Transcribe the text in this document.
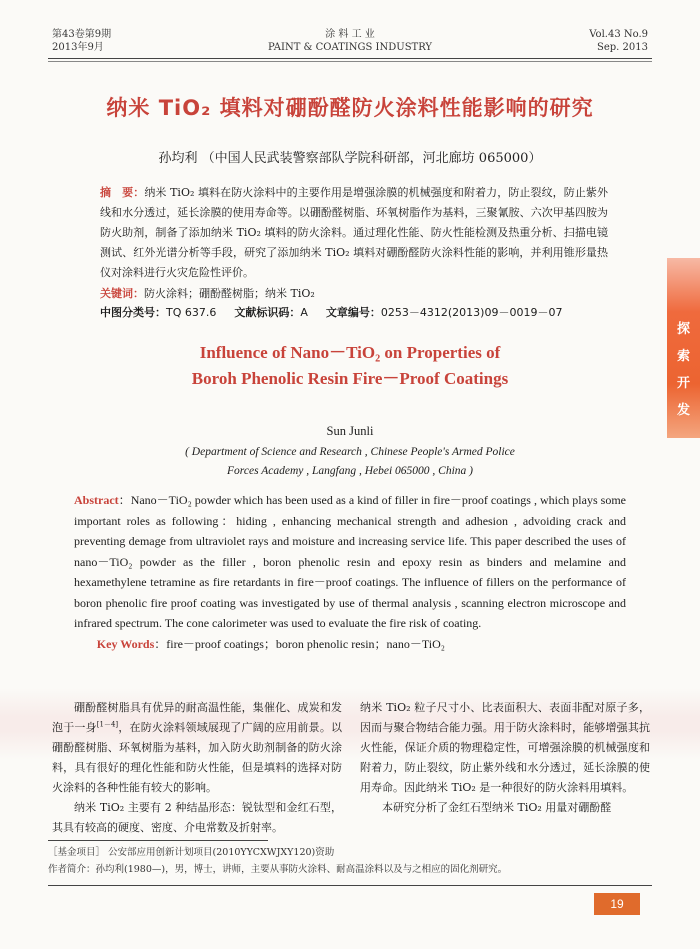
第43卷第9期
2013年9月
涂 料 工 业
PAINT & COATINGS INDUSTRY
Vol.43 No.9
Sep. 2013
纳米 TiO₂ 填料对硼酚醛防火涂料性能影响的研究
孙均利 （中国人民武装警察部队学院科研部，河北廊坊 065000）
摘　要：纳米 TiO₂ 填料在防火涂料中的主要作用是增强涂膜的机械强度和附着力，防止裂纹，防止紫外线和水分透过，延长涂膜的使用寿命等。以硼酚醛树脂、环氧树脂作为基料，三聚氰胺、六次甲基四胺为防火助剂，制备了添加纳米 TiO₂ 填料的防火涂料。通过理化性能、防火性能检测及热重分析、扫描电镜测试、红外光谱分析等手段，研究了添加纳米 TiO₂ 填料对硼酚醛防火涂料性能的影响，并利用锥形量热仪对涂料进行火灾危险性评价。
关键词：防火涂料；硼酚醛树脂；纳米 TiO₂
中图分类号：TQ 637.6 文献标识码：A 文章编号：0253－4312(2013)09－0019－07
Influence of Nano－TiO₂ on Properties of
Boroh Phenolic Resin Fire－Proof Coatings
Sun Junli
( Department of Science and Research , Chinese People's Armed Police
Forces Academy , Langfang , Hebei 065000 , China )
Abstract：Nano－TiO₂ powder which has been used as a kind of filler in fire－proof coatings , which plays some important roles as following：hiding , enhancing mechanical strength and adhesion , advoiding crack and preventing demage from ultraviolet rays and moisture and increasing service life. This paper described the uses of nano－TiO₂ powder as the filler , boron phenolic resin and epoxy resin as binders and melamine and hexamethylene tetramine as fire retardants in fire－proof coatings. The influence of fillers on the performance of boron phenolic fire proof coating was investigated by use of thermal analysis , scanning electron microscope and infrared spectrum. The cone calorimeter was used to evaluate the fire risk of coating.
Key Words：fire－proof coatings；boron phenolic resin；nano－TiO₂

硼酚醛树脂具有优异的耐高温性能，集催化、成炭和发泡于一身[1－4]，在防火涂料领域展现了广阔的应用前景。以硼酚醛树脂、环氧树脂为基料，加入防火助剂制备的防火涂料，具有很好的理化性能和防火性能，但是填料的选择对防火涂料的各种性能有较大的影响。

纳米 TiO₂ 主要有 2 种结晶形态：锐钛型和金红石型，其具有较高的硬度、密度、介电常数及折射率。

纳米 TiO₂ 粒子尺寸小、比表面积大、表面非配对原子多，因而与聚合物结合能力强。用于防火涂料时，能够增强其抗火性能，保证介质的物理稳定性，可增强涂膜的机械强度和附着力，防止裂纹，防止紫外线和水分透过，延长涂膜的使用寿命。因此纳米 TiO₂ 是一种很好的防火涂料用填料。

本研究分析了金红石型纳米 TiO₂ 用量对硼酚醛

［基金项目］ 公安部应用创新计划项目(2010YYCXWJXY120)资助
作者简介：孙均利(1980—)，男，博士，讲师，主要从事防火涂料、耐高温涂料以及与之相应的固化剂研究。
19
探
索
开
发
